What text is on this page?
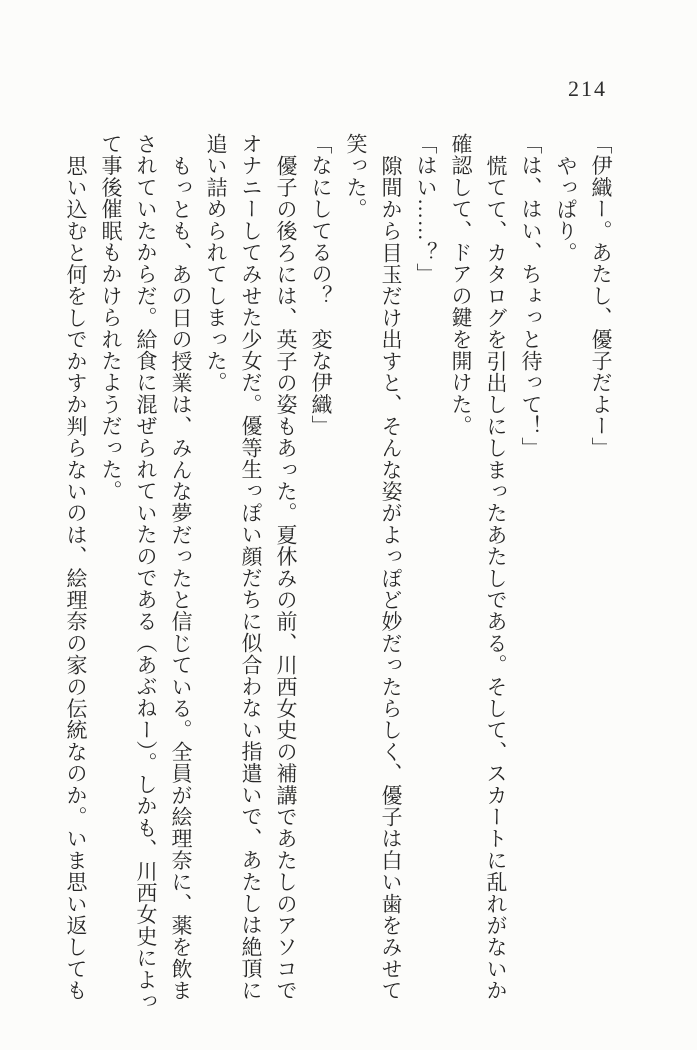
214
「伊織ー。あたし、優子だよー」
やっぱり。
「は、はい、ちょっと待って！」
慌てて、カタログを引出しにしまったあたしである。そして、スカートに乱れがないか
確認して、ドアの鍵を開けた。
「はい……？」
隙間から目玉だけ出すと、そんな姿がよっぽど妙だったらしく、優子は白い歯をみせて
笑った。
「なにしてるの？　変な伊織」
優子の後ろには、英子の姿もあった。夏休みの前、川西女史の補講であたしのアソコで
オナニーしてみせた少女だ。優等生っぽい顔だちに似合わない指遣いで、あたしは絶頂に
追い詰められてしまった。
もっとも、あの日の授業は、みんな夢だったと信じている。全員が絵理奈に、薬を飲ま
されていたからだ。給食に混ぜられていたのである（あぶねー）。しかも、川西女史によっ
て事後催眠もかけられたようだった。
思い込むと何をしでかすか判らないのは、絵理奈の家の伝統なのか。いま思い返しても
